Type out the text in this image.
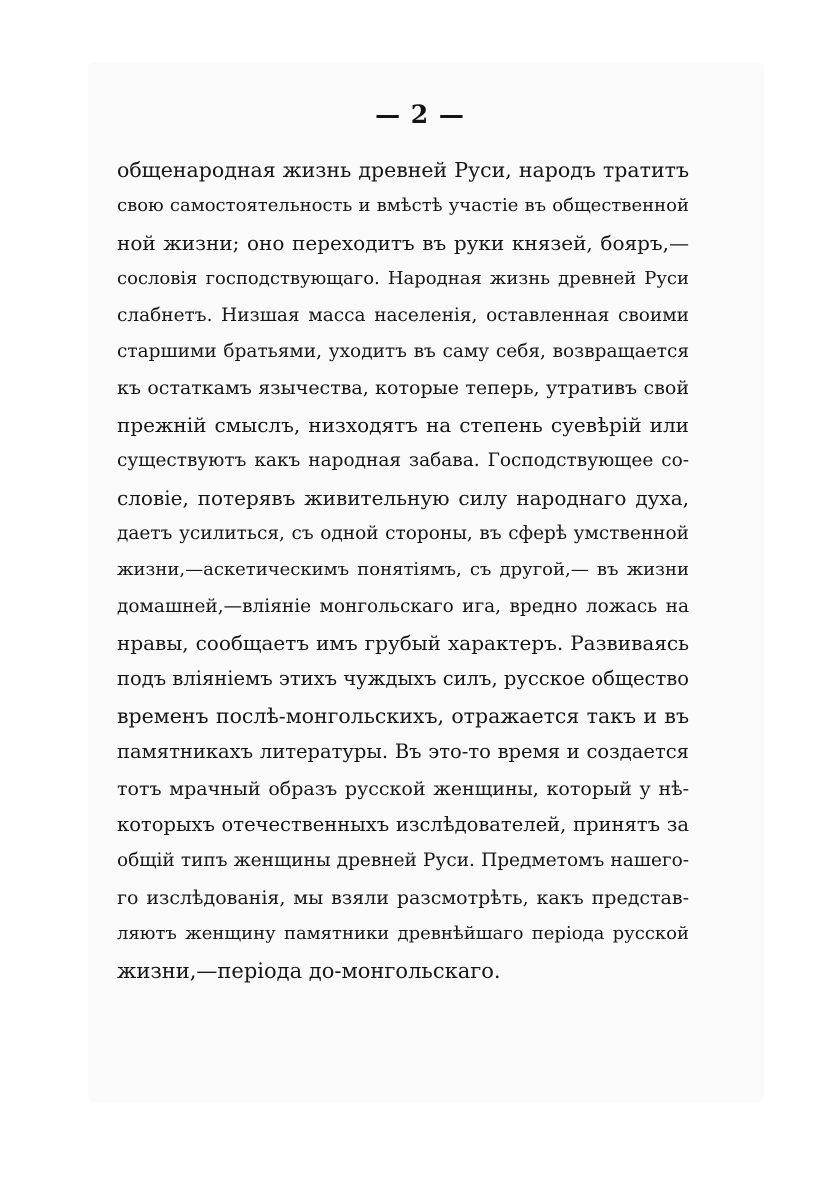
— 2 —
общенародная жизнь древней Руси, народъ тратитъ
свою самостоятельность и вмѣстѣ участіе въ общественной
ной жизни; оно переходитъ въ руки князей, бояръ,—
сословія господствующаго. Народная жизнь древней Руси
слабнетъ. Низшая масса населенія, оставленная своими
старшими братьями, уходитъ въ саму себя, возвращается
къ остаткамъ язычества, которые теперь, утративъ свой
прежній смыслъ, низходятъ на степень суевѣрій или
существуютъ какъ народная забава. Господствующее со-
словіе, потерявъ живительную силу народнаго духа,
даетъ усилиться, съ одной стороны, въ сферѣ умственной
жизни,—аскетическимъ понятіямъ, съ другой,— въ жизни
домашней,—вліяніе монгольскаго ига, вредно ложась на
нравы, сообщаетъ имъ грубый характеръ. Развиваясь
подъ вліяніемъ этихъ чуждыхъ силъ, русское общество
временъ послѣ-монгольскихъ, отражается такъ и въ
памятникахъ литературы. Въ это-то время и создается
тотъ мрачный образъ русской женщины, который у нѣ-
которыхъ отечественныхъ изслѣдователей, принятъ за
общій типъ женщины древней Руси. Предметомъ нашего-
го изслѣдованія, мы взяли разсмотрѣть, какъ представ-
ляютъ женщину памятники древнѣйшаго періода русской
жизни,—періода до-монгольскаго.
